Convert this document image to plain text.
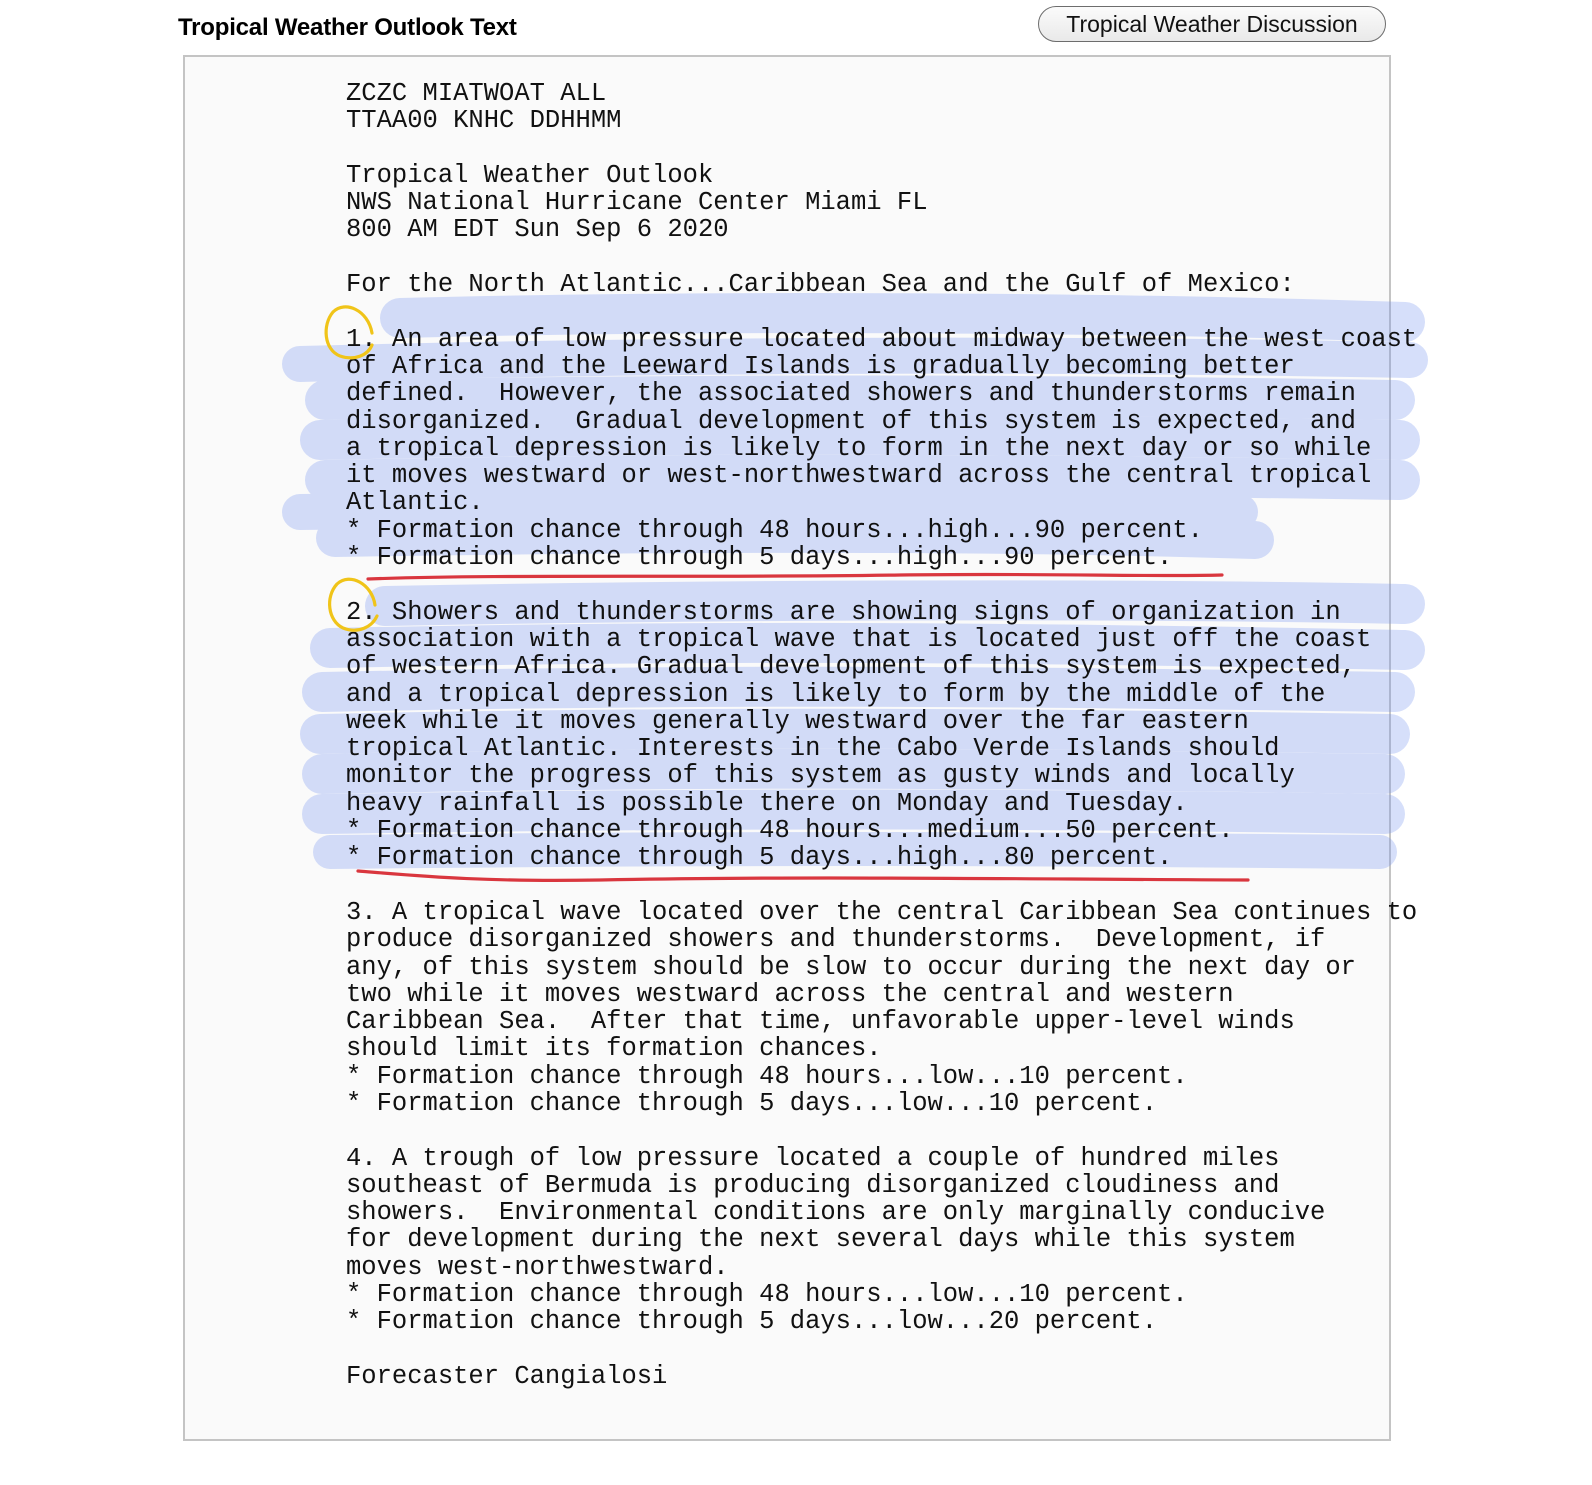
Tropical Weather Outlook Text	Tropical Weather Discussion
ZCZC MIATWOAT ALL
TTAA00 KNHC DDHHMM

Tropical Weather Outlook
NWS National Hurricane Center Miami FL
800 AM EDT Sun Sep 6 2020

For the North Atlantic...Caribbean Sea and the Gulf of Mexico:

1. An area of low pressure located about midway between the west coast
of Africa and the Leeward Islands is gradually becoming better
defined.  However, the associated showers and thunderstorms remain
disorganized.  Gradual development of this system is expected, and
a tropical depression is likely to form in the next day or so while
it moves westward or west-northwestward across the central tropical
Atlantic.
* Formation chance through 48 hours...high...90 percent.
* Formation chance through 5 days...high...90 percent.

2. Showers and thunderstorms are showing signs of organization in
association with a tropical wave that is located just off the coast
of western Africa. Gradual development of this system is expected,
and a tropical depression is likely to form by the middle of the
week while it moves generally westward over the far eastern
tropical Atlantic. Interests in the Cabo Verde Islands should
monitor the progress of this system as gusty winds and locally
heavy rainfall is possible there on Monday and Tuesday.
* Formation chance through 48 hours...medium...50 percent.
* Formation chance through 5 days...high...80 percent.

3. A tropical wave located over the central Caribbean Sea continues to
produce disorganized showers and thunderstorms.  Development, if
any, of this system should be slow to occur during the next day or
two while it moves westward across the central and western
Caribbean Sea.  After that time, unfavorable upper-level winds
should limit its formation chances.
* Formation chance through 48 hours...low...10 percent.
* Formation chance through 5 days...low...10 percent.

4. A trough of low pressure located a couple of hundred miles
southeast of Bermuda is producing disorganized cloudiness and
showers.  Environmental conditions are only marginally conducive
for development during the next several days while this system
moves west-northwestward.
* Formation chance through 48 hours...low...10 percent.
* Formation chance through 5 days...low...20 percent.

Forecaster Cangialosi
